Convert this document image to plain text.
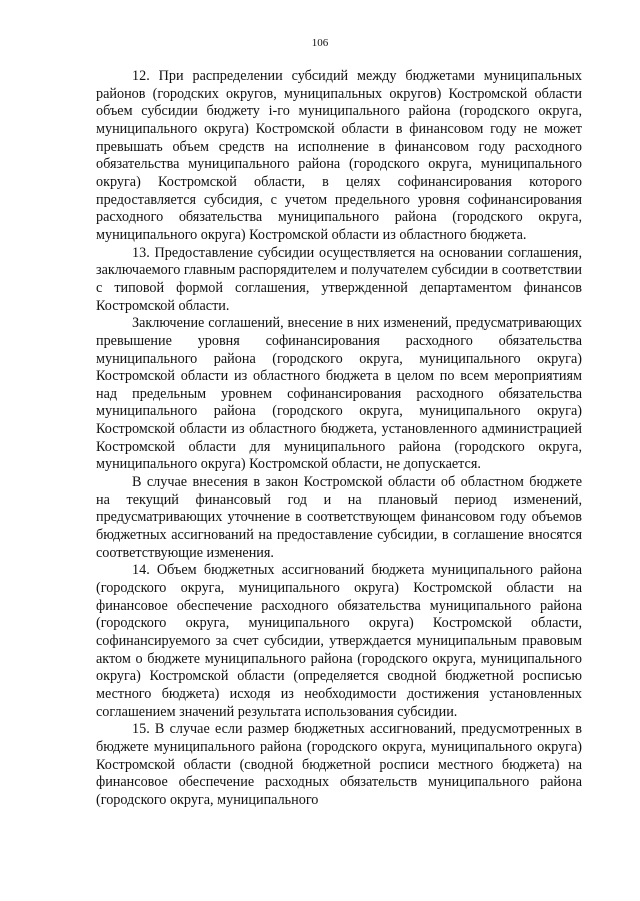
106

12. При распределении субсидий между бюджетами муниципальных районов (городских округов, муниципальных округов) Костромской области объем субсидии бюджету i-го муниципального района (городского округа, муниципального округа) Костромской области в финансовом году не может превышать объем средств на исполнение в финансовом году расходного обязательства муниципального района (городского округа, муниципального округа) Костромской области, в целях софинансирования которого предоставляется субсидия, с учетом предельного уровня софинансирования расходного обязательства муниципального района (городского округа, муниципального округа) Костромской области из областного бюджета.

13. Предоставление субсидии осуществляется на основании соглашения, заключаемого главным распорядителем и получателем субсидии в соответствии с типовой формой соглашения, утвержденной департаментом финансов Костромской области.

Заключение соглашений, внесение в них изменений, предусматривающих превышение уровня софинансирования расходного обязательства муниципального района (городского округа, муниципального округа) Костромской области из областного бюджета в целом по всем мероприятиям над предельным уровнем софинансирования расходного обязательства муниципального района (городского округа, муниципального округа) Костромской области из областного бюджета, установленного администрацией Костромской области для муниципального района (городского округа, муниципального округа) Костромской области, не допускается.

В случае внесения в закон Костромской области об областном бюджете на текущий финансовый год и на плановый период изменений, предусматривающих уточнение в соответствующем финансовом году объемов бюджетных ассигнований на предоставление субсидии, в соглашение вносятся соответствующие изменения.

14. Объем бюджетных ассигнований бюджета муниципального района (городского округа, муниципального округа) Костромской области на финансовое обеспечение расходного обязательства муниципального района (городского округа, муниципального округа) Костромской области, софинансируемого за счет субсидии, утверждается муниципальным правовым актом о бюджете муниципального района (городского округа, муниципального округа) Костромской области (определяется сводной бюджетной росписью местного бюджета) исходя из необходимости достижения установленных соглашением значений результата использования субсидии.

15. В случае если размер бюджетных ассигнований, предусмотренных в бюджете муниципального района (городского округа, муниципального округа) Костромской области (сводной бюджетной росписи местного бюджета) на финансовое обеспечение расходных обязательств муниципального района (городского округа, муниципального
